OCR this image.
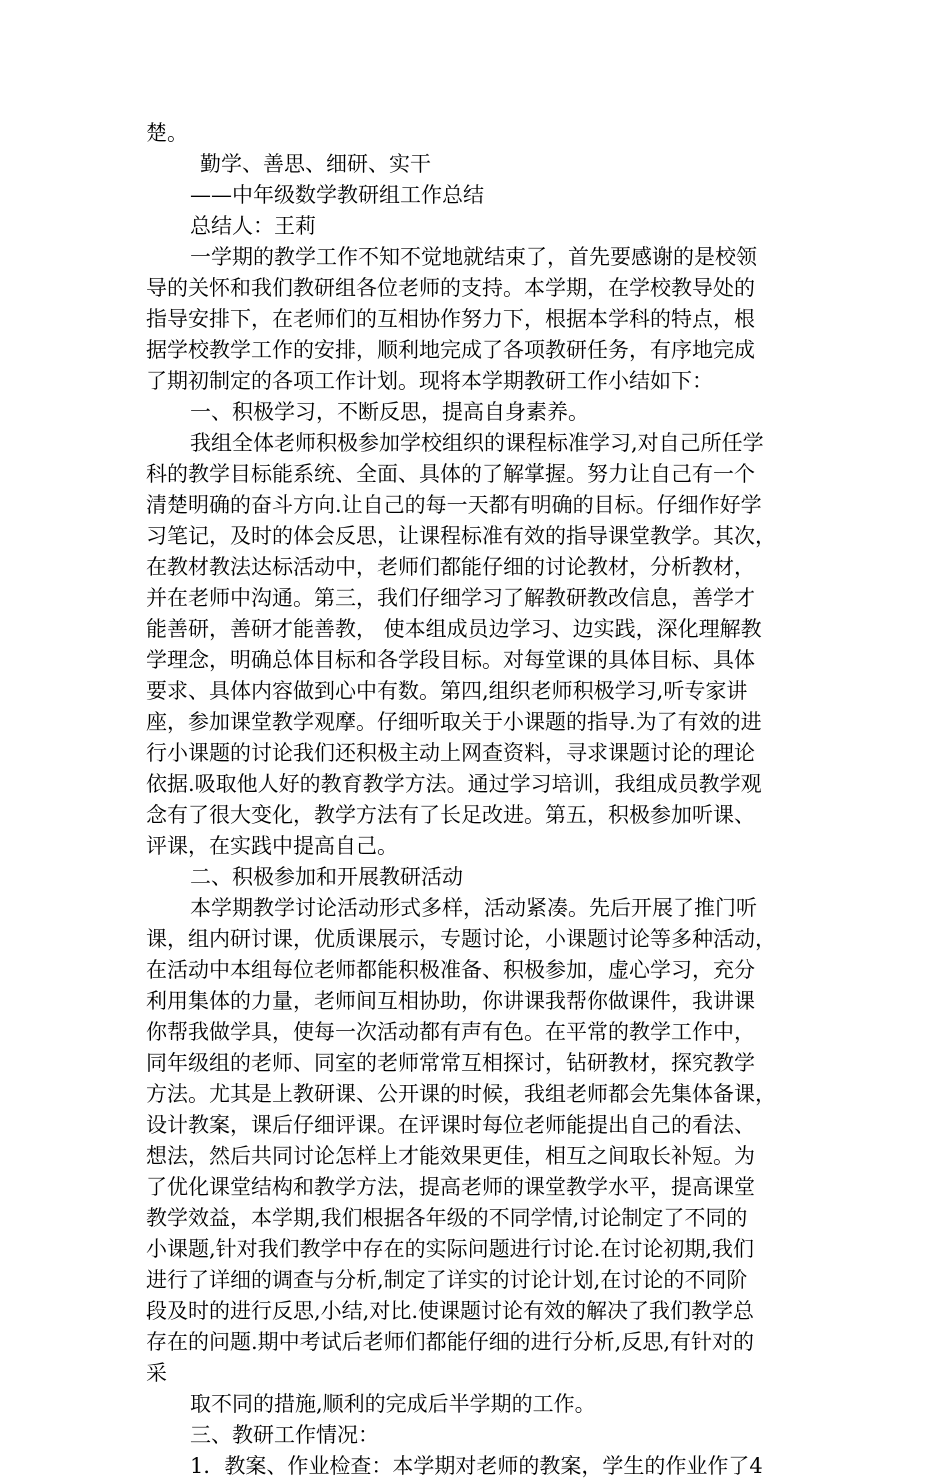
楚。
勤学、善思、细研、实干
——中年级数学教研组工作总结
总结人：王莉
一学期的教学工作不知不觉地就结束了，首先要感谢的是校领
导的关怀和我们教研组各位老师的支持。本学期，在学校教导处的
指导安排下，在老师们的互相协作努力下，根据本学科的特点，根
据学校教学工作的安排，顺利地完成了各项教研任务，有序地完成
了期初制定的各项工作计划。现将本学期教研工作小结如下：
一、积极学习，不断反思，提高自身素养。
我组全体老师积极参加学校组织的课程标准学习,对自己所任学
科的教学目标能系统、全面、具体的了解掌握。努力让自己有一个
清楚明确的奋斗方向.让自己的每一天都有明确的目标。仔细作好学
习笔记，及时的体会反思，让课程标准有效的指导课堂教学。其次，
在教材教法达标活动中，老师们都能仔细的讨论教材，分析教材，
并在老师中沟通。第三，我们仔细学习了解教研教改信息，善学才
能善研，善研才能善教， 使本组成员边学习、边实践，深化理解教
学理念，明确总体目标和各学段目标。对每堂课的具体目标、具体
要求、具体内容做到心中有数。第四,组织老师积极学习,听专家讲
座，参加课堂教学观摩。仔细听取关于小课题的指导.为了有效的进
行小课题的讨论我们还积极主动上网查资料，寻求课题讨论的理论
依据.吸取他人好的教育教学方法。通过学习培训，我组成员教学观
念有了很大变化，教学方法有了长足改进。第五，积极参加听课、
评课，在实践中提高自己。
二、积极参加和开展教研活动
本学期教学讨论活动形式多样，活动紧凑。先后开展了推门听
课，组内研讨课，优质课展示，专题讨论，小课题讨论等多种活动，
在活动中本组每位老师都能积极准备、积极参加，虚心学习，充分
利用集体的力量，老师间互相协助，你讲课我帮你做课件，我讲课
你帮我做学具，使每一次活动都有声有色。在平常的教学工作中，
同年级组的老师、同室的老师常常互相探讨，钻研教材，探究教学
方法。尤其是上教研课、公开课的时候，我组老师都会先集体备课，
设计教案，课后仔细评课。在评课时每位老师能提出自己的看法、
想法，然后共同讨论怎样上才能效果更佳，相互之间取长补短。为
了优化课堂结构和教学方法，提高老师的课堂教学水平，提高课堂
教学效益，本学期,我们根据各年级的不同学情,讨论制定了不同的
小课题,针对我们教学中存在的实际问题进行讨论.在讨论初期,我们
进行了详细的调查与分析,制定了详实的讨论计划,在讨论的不同阶
段及时的进行反思,小结,对比.使课题讨论有效的解决了我们教学总
存在的问题.期中考试后老师们都能仔细的进行分析,反思,有针对的
采
取不同的措施,顺利的完成后半学期的工作。
三、教研工作情况：
1．教案、作业检查：本学期对老师的教案，学生的作业作了4
